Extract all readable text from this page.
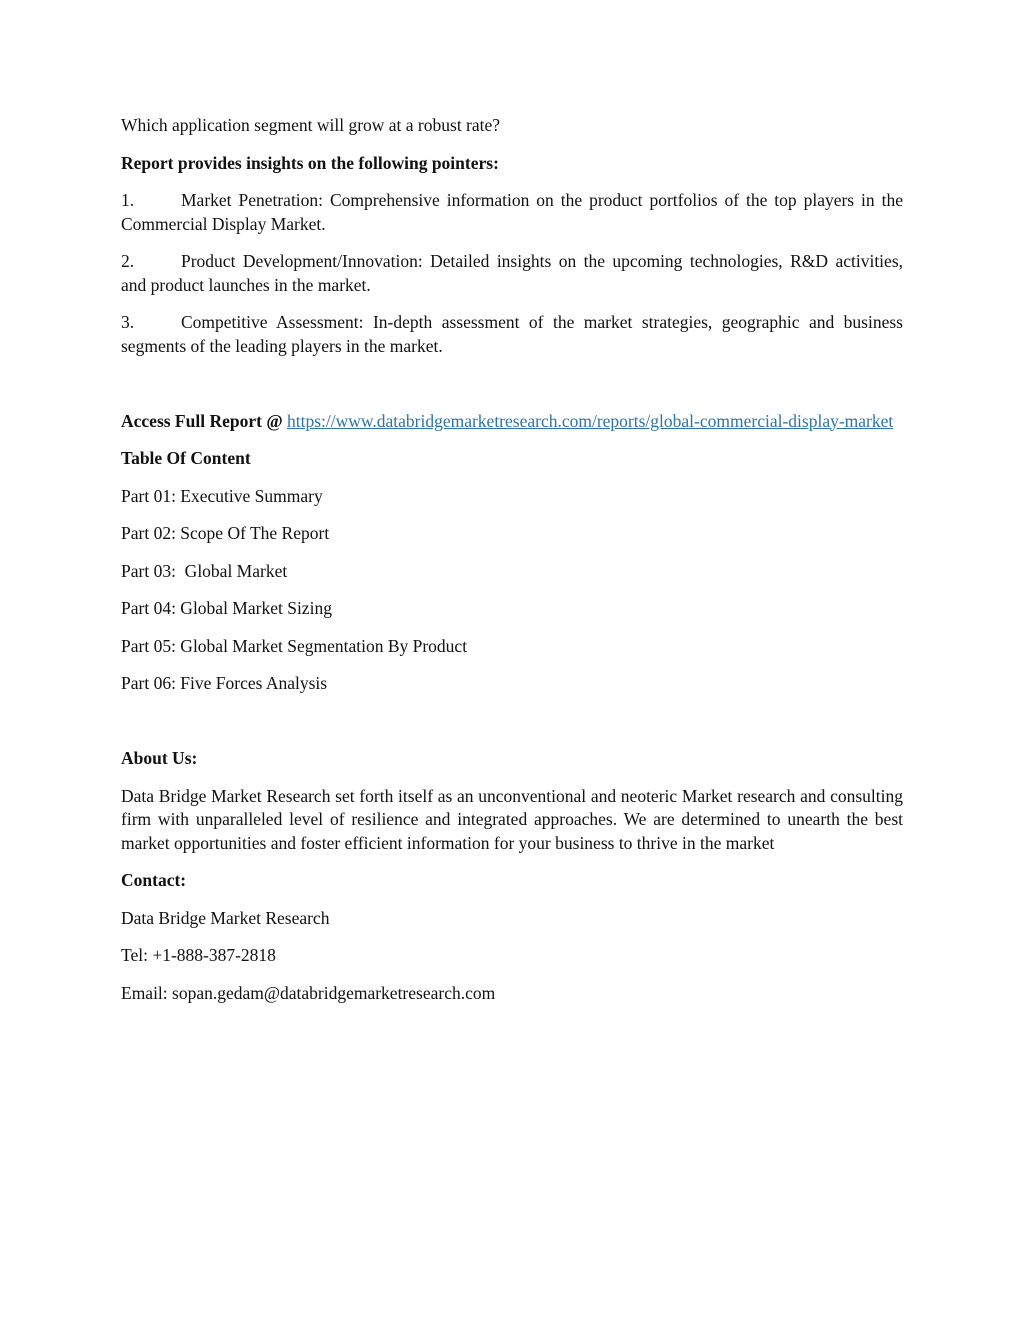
Which application segment will grow at a robust rate?

Report provides insights on the following pointers:

1.	Market Penetration: Comprehensive information on the product portfolios of the top players in the Commercial Display Market.

2.	Product Development/Innovation: Detailed insights on the upcoming technologies, R&D activities, and product launches in the market.

3.	Competitive Assessment: In-depth assessment of the market strategies, geographic and business segments of the leading players in the market.

Access Full Report @ https://www.databridgemarketresearch.com/reports/global-commercial-display-market

Table Of Content

Part 01: Executive Summary

Part 02: Scope Of The Report

Part 03:  Global Market

Part 04: Global Market Sizing

Part 05: Global Market Segmentation By Product

Part 06: Five Forces Analysis

About Us:

Data Bridge Market Research set forth itself as an unconventional and neoteric Market research and consulting firm with unparalleled level of resilience and integrated approaches. We are determined to unearth the best market opportunities and foster efficient information for your business to thrive in the market

Contact:

Data Bridge Market Research

Tel: +1-888-387-2818

Email: sopan.gedam@databridgemarketresearch.com
